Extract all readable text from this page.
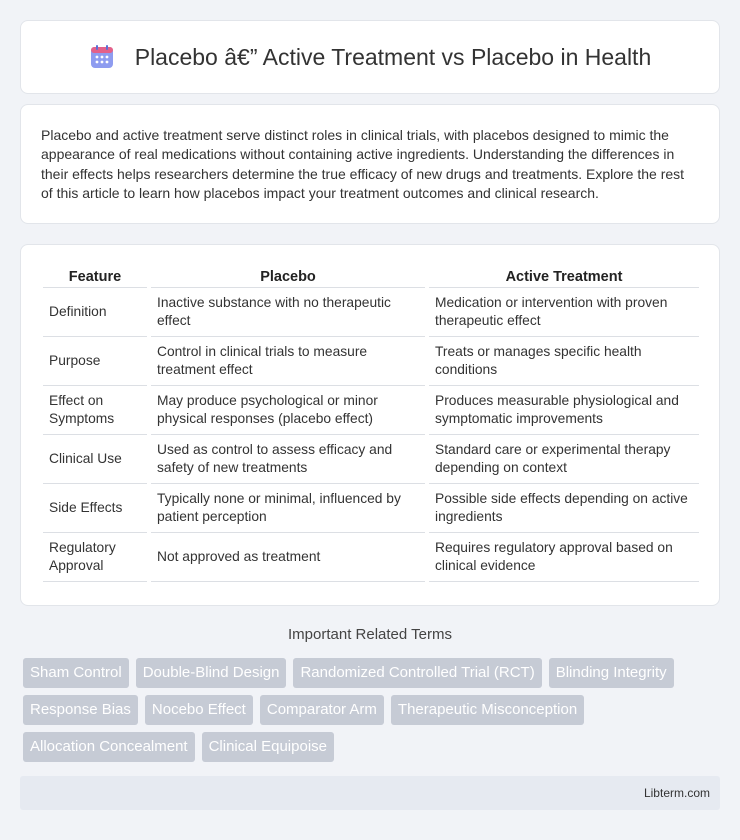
Placebo â€” Active Treatment vs Placebo in Health

Placebo and active treatment serve distinct roles in clinical trials, with placebos designed to mimic the appearance of real medications without containing active ingredients. Understanding the differences in their effects helps researchers determine the true efficacy of new drugs and treatments. Explore the rest of this article to learn how placebos impact your treatment outcomes and clinical research.

Feature		Placebo		Active Treatment
Definition		Inactive substance with no therapeutic effect		Medication or intervention with proven therapeutic effect
Purpose		Control in clinical trials to measure treatment effect		Treats or manages specific health conditions
Effect on Symptoms		May produce psychological or minor physical responses (placebo effect)		Produces measurable physiological and symptomatic improvements
Clinical Use		Used as control to assess efficacy and safety of new treatments		Standard care or experimental therapy depending on context
Side Effects		Typically none or minimal, influenced by patient perception		Possible side effects depending on active ingredients
Regulatory Approval		Not approved as treatment		Requires regulatory approval based on clinical evidence
Important Related Terms
Sham Control	Double-Blind Design	Randomized Controlled Trial (RCT)	Blinding Integrity
Response Bias	Nocebo Effect	Comparator Arm	Therapeutic Misconception
Allocation Concealment	Clinical Equipoise
Libterm.com
